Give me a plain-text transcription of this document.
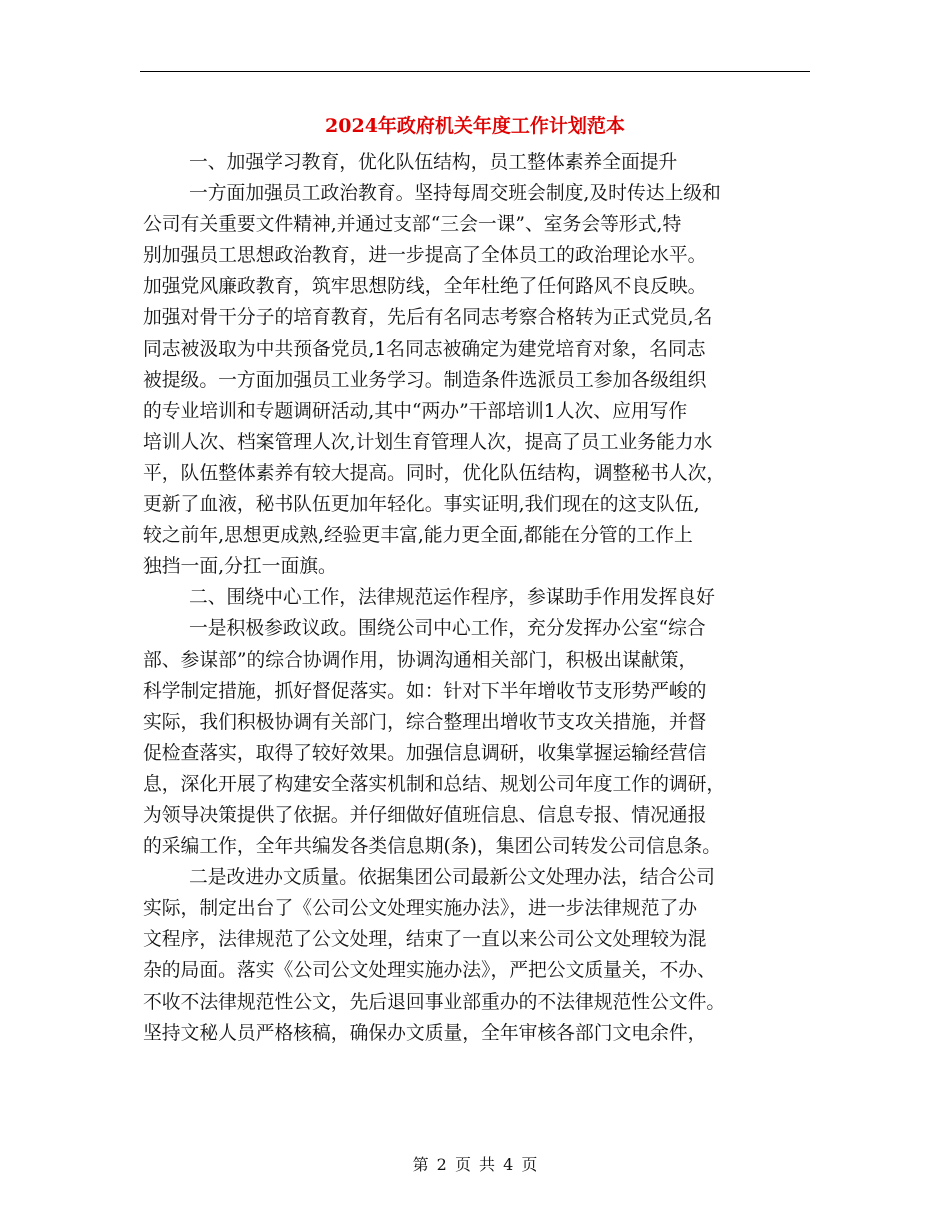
2024年政府机关年度工作计划范本
一、加强学习教育，优化队伍结构，员工整体素养全面提升
一方面加强员工政治教育。坚持每周交班会制度,及时传达上级和
公司有关重要文件精神,并通过支部“三会一课”、室务会等形式,特
别加强员工思想政治教育，进一步提高了全体员工的政治理论水平。
加强党风廉政教育，筑牢思想防线，全年杜绝了任何路风不良反映。
加强对骨干分子的培育教育，先后有名同志考察合格转为正式党员,名
同志被汲取为中共预备党员,1名同志被确定为建党培育对象，名同志
被提级。一方面加强员工业务学习。制造条件选派员工参加各级组织
的专业培训和专题调研活动,其中“两办”干部培训1人次、应用写作
培训人次、档案管理人次,计划生育管理人次，提高了员工业务能力水
平，队伍整体素养有较大提高。同时，优化队伍结构，调整秘书人次，
更新了血液，秘书队伍更加年轻化。事实证明,我们现在的这支队伍,
较之前年,思想更成熟,经验更丰富,能力更全面,都能在分管的工作上
独挡一面,分扛一面旗。
二、围绕中心工作，法律规范运作程序，参谋助手作用发挥良好
一是积极参政议政。围绕公司中心工作，充分发挥办公室“综合
部、参谋部”的综合协调作用，协调沟通相关部门，积极出谋献策，
科学制定措施，抓好督促落实。如：针对下半年增收节支形势严峻的
实际，我们积极协调有关部门，综合整理出增收节支攻关措施，并督
促检查落实，取得了较好效果。加强信息调研，收集掌握运输经营信
息，深化开展了构建安全落实机制和总结、规划公司年度工作的调研，
为领导决策提供了依据。并仔细做好值班信息、信息专报、情况通报
的采编工作，全年共编发各类信息期(条)，集团公司转发公司信息条。
二是改进办文质量。依据集团公司最新公文处理办法，结合公司
实际，制定出台了《公司公文处理实施办法》，进一步法律规范了办
文程序，法律规范了公文处理，结束了一直以来公司公文处理较为混
杂的局面。落实《公司公文处理实施办法》，严把公文质量关，不办、
不收不法律规范性公文，先后退回事业部重办的不法律规范性公文件。
坚持文秘人员严格核稿，确保办文质量，全年审核各部门文电余件，
第 2 页 共 4 页
